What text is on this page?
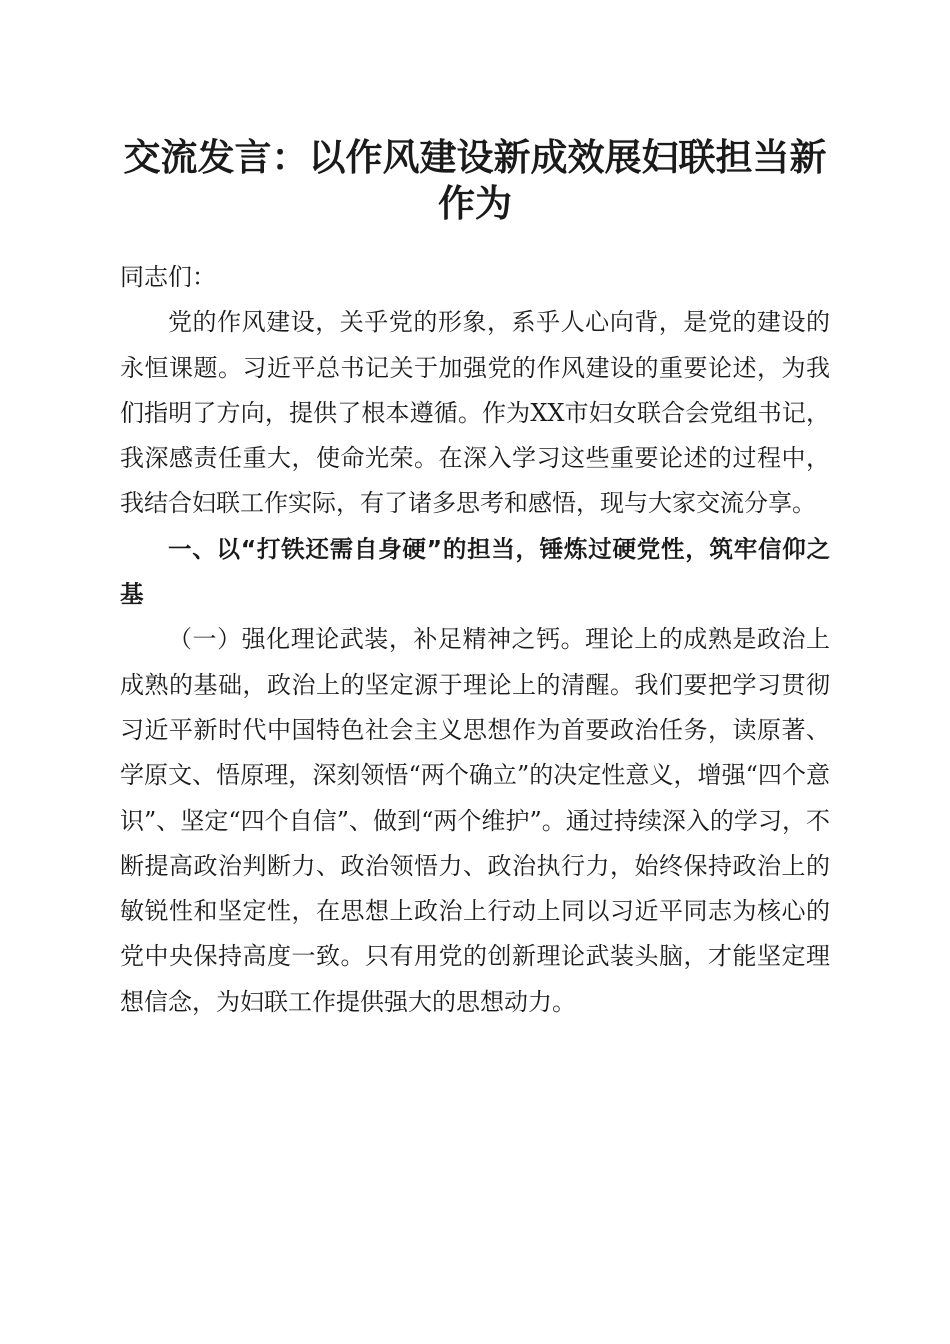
交流发言：以作风建设新成效展妇联担当新作为

同志们：

党的作风建设，关乎党的形象，系乎人心向背，是党的建设的永恒课题。习近平总书记关于加强党的作风建设的重要论述，为我们指明了方向，提供了根本遵循。作为XX市妇女联合会党组书记，我深感责任重大，使命光荣。在深入学习这些重要论述的过程中，我结合妇联工作实际，有了诸多思考和感悟，现与大家交流分享。

一、以“打铁还需自身硬”的担当，锤炼过硬党性，筑牢信仰之基

（一）强化理论武装，补足精神之钙。理论上的成熟是政治上成熟的基础，政治上的坚定源于理论上的清醒。我们要把学习贯彻习近平新时代中国特色社会主义思想作为首要政治任务，读原著、学原文、悟原理，深刻领悟“两个确立”的决定性意义，增强“四个意识”、坚定“四个自信”、做到“两个维护”。通过持续深入的学习，不断提高政治判断力、政治领悟力、政治执行力，始终保持政治上的敏锐性和坚定性，在思想上政治上行动上同以习近平同志为核心的党中央保持高度一致。只有用党的创新理论武装头脑，才能坚定理想信念，为妇联工作提供强大的思想动力。
